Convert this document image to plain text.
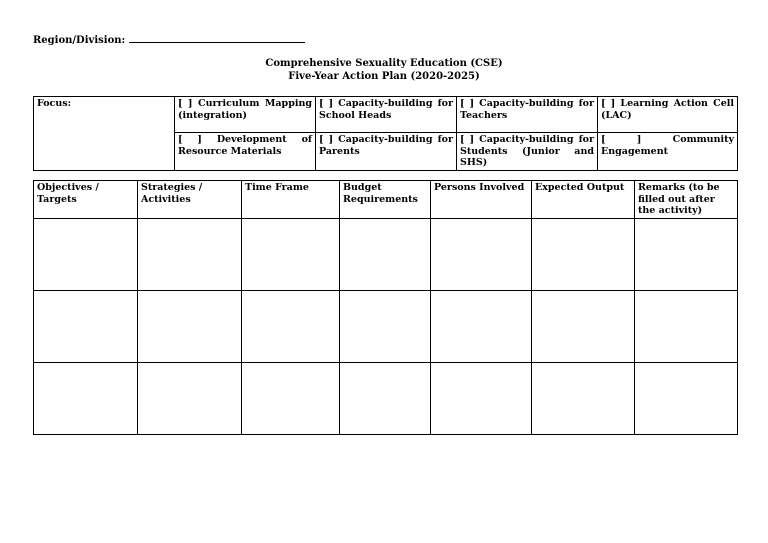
Region/Division:
Comprehensive Sexuality Education (CSE)
Five-Year Action Plan (2020-2025)
Focus:	[ ] Curriculum Mapping (integration)	[ ] Capacity-building for School Heads	[ ] Capacity-building for Teachers	[ ] Learning Action Cell (LAC)
	[ ] Development of Resource Materials	[ ] Capacity-building for Parents	[ ] Capacity-building for Students (Junior and SHS)	[ ] Community Engagement
Objectives / Targets	Strategies / Activities	Time Frame	Budget Requirements	Persons Involved	Expected Output	Remarks (to be filled out after the activity)
